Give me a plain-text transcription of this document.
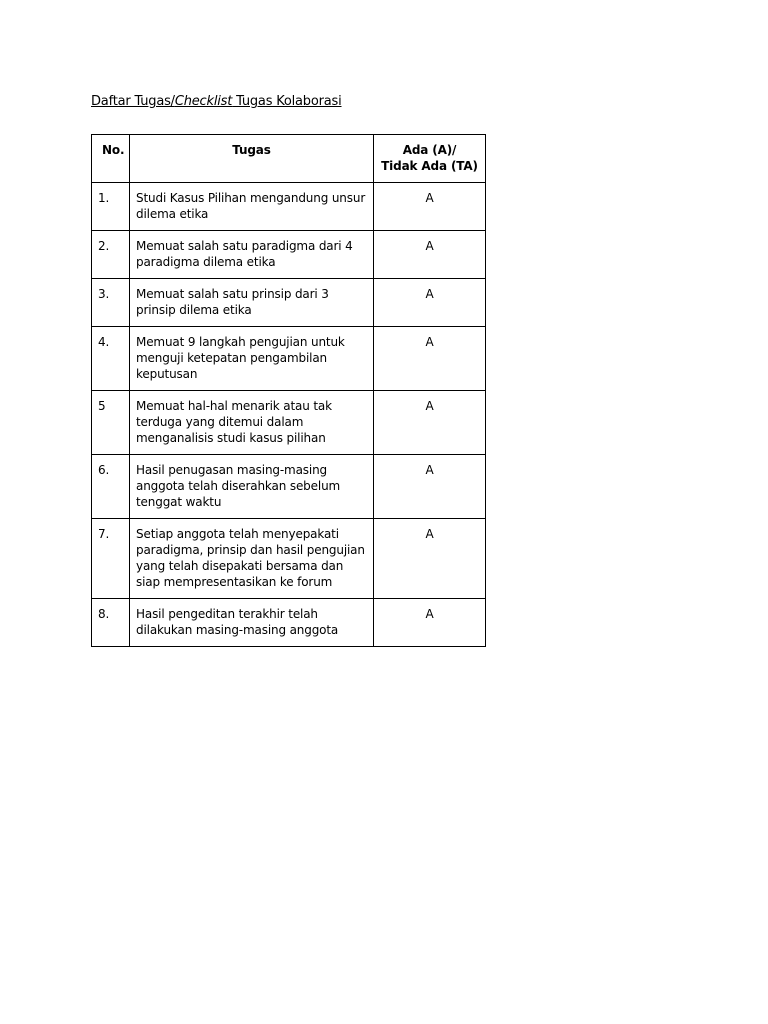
Daftar Tugas/Checklist Tugas Kolaborasi
No.	Tugas	Ada (A)/
Tidak Ada (TA)

1.	Studi Kasus Pilihan mengandung unsur dilema etika	A
2.	Memuat salah satu paradigma dari 4 paradigma dilema etika	A
3.	Memuat salah satu prinsip dari 3 prinsip dilema etika	A
4.	Memuat 9 langkah pengujian untuk menguji ketepatan pengambilan keputusan	A
5	Memuat hal-hal menarik atau tak terduga yang ditemui dalam menganalisis studi kasus pilihan	A
6.	Hasil penugasan masing-masing anggota telah diserahkan sebelum tenggat waktu	A
7.	Setiap anggota telah menyepakati paradigma, prinsip dan hasil pengujian yang telah disepakati bersama dan siap mempresentasikan ke forum	A
8.	Hasil pengeditan terakhir telah dilakukan masing-masing anggota	A
